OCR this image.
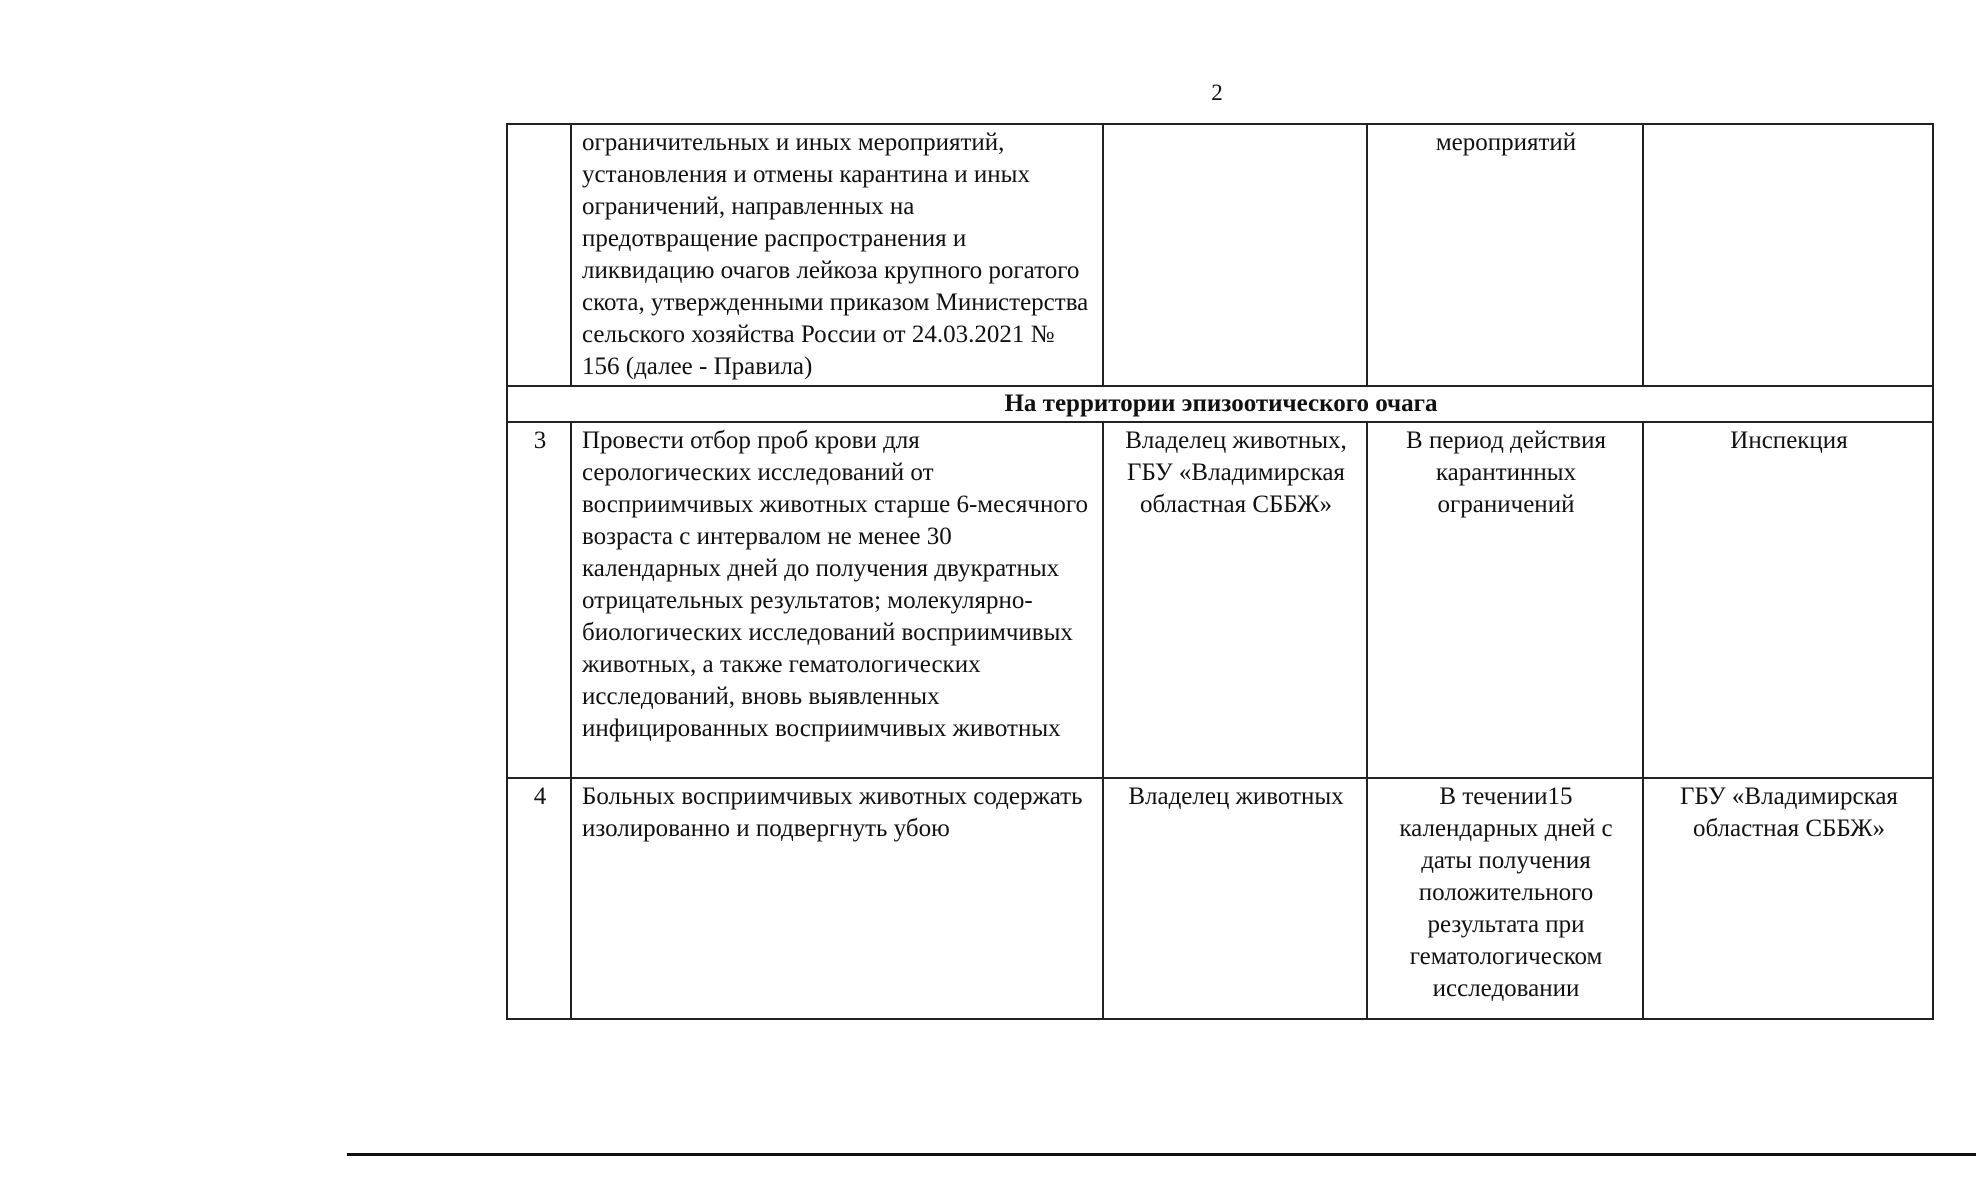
2
	ограничительных и иных мероприятий, установления и отмены карантина и иных ограничений, направленных на предотвращение распространения и ликвидацию очагов лейкоза крупного рогатого скота, утвержденными приказом Министерства сельского хозяйства России от 24.03.2021 № 156 (далее - Правила)		мероприятий	
На территории эпизоотического очага				
3	Провести отбор проб крови для серологических исследований от восприимчивых животных старше 6-месячного возраста с интервалом не менее 30 календарных дней до получения двукратных отрицательных результатов; молекулярно-биологических исследований восприимчивых животных, а также гематологических исследований, вновь выявленных инфицированных восприимчивых животных	Владелец животных, ГБУ «Владимирская областная СББЖ»	В период действия карантинных ограничений	Инспекция
4	Больных восприимчивых животных содержать изолированно и подвергнуть убою	Владелец животных	В течении15 календарных дней с даты получения положительного результата при гематологическом исследовании	ГБУ «Владимирская областная СББЖ»
